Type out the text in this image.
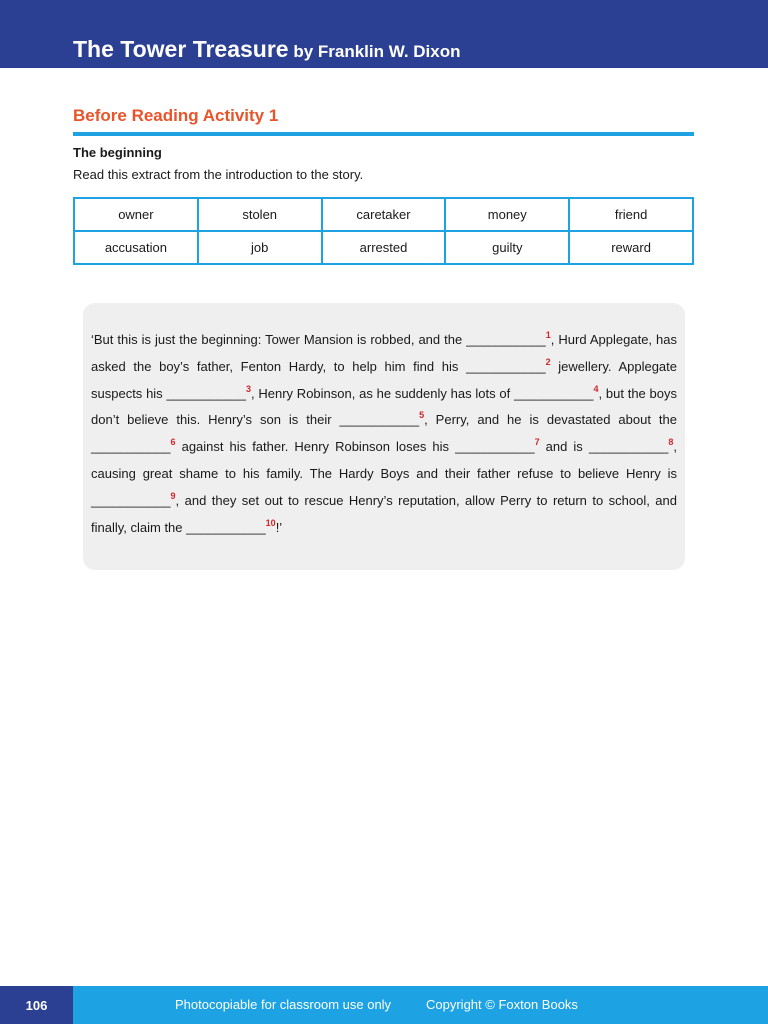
The Tower Treasure by Franklin W. Dixon
Before Reading Activity 1
The beginning
Read this extract from the introduction to the story.
owner	stolen	caretaker	money	friend
accusation	job	arrested	guilty	reward

‘But this is just the beginning: Tower Mansion is robbed, and the ___________$^1$, Hurd Applegate, has asked the boy’s father, Fenton Hardy, to help him find his ___________$^2$ jewellery. Applegate suspects his ___________$^3$, Henry Robinson, as he suddenly has lots of ___________$^4$, but the boys don’t believe this. Henry’s son is their ___________$^5$, Perry, and he is devastated about the ___________$^6$ against his father. Henry Robinson loses his ___________$^7$ and is ___________$^8$, causing great shame to his family. The Hardy Boys and their father refuse to believe Henry is ___________$^9$, and they set out to rescue Henry’s reputation, allow Perry to return to school, and finally, claim the ___________$^{10}$!’

106	Photocopiable for classroom use only	Copyright © Foxton Books
